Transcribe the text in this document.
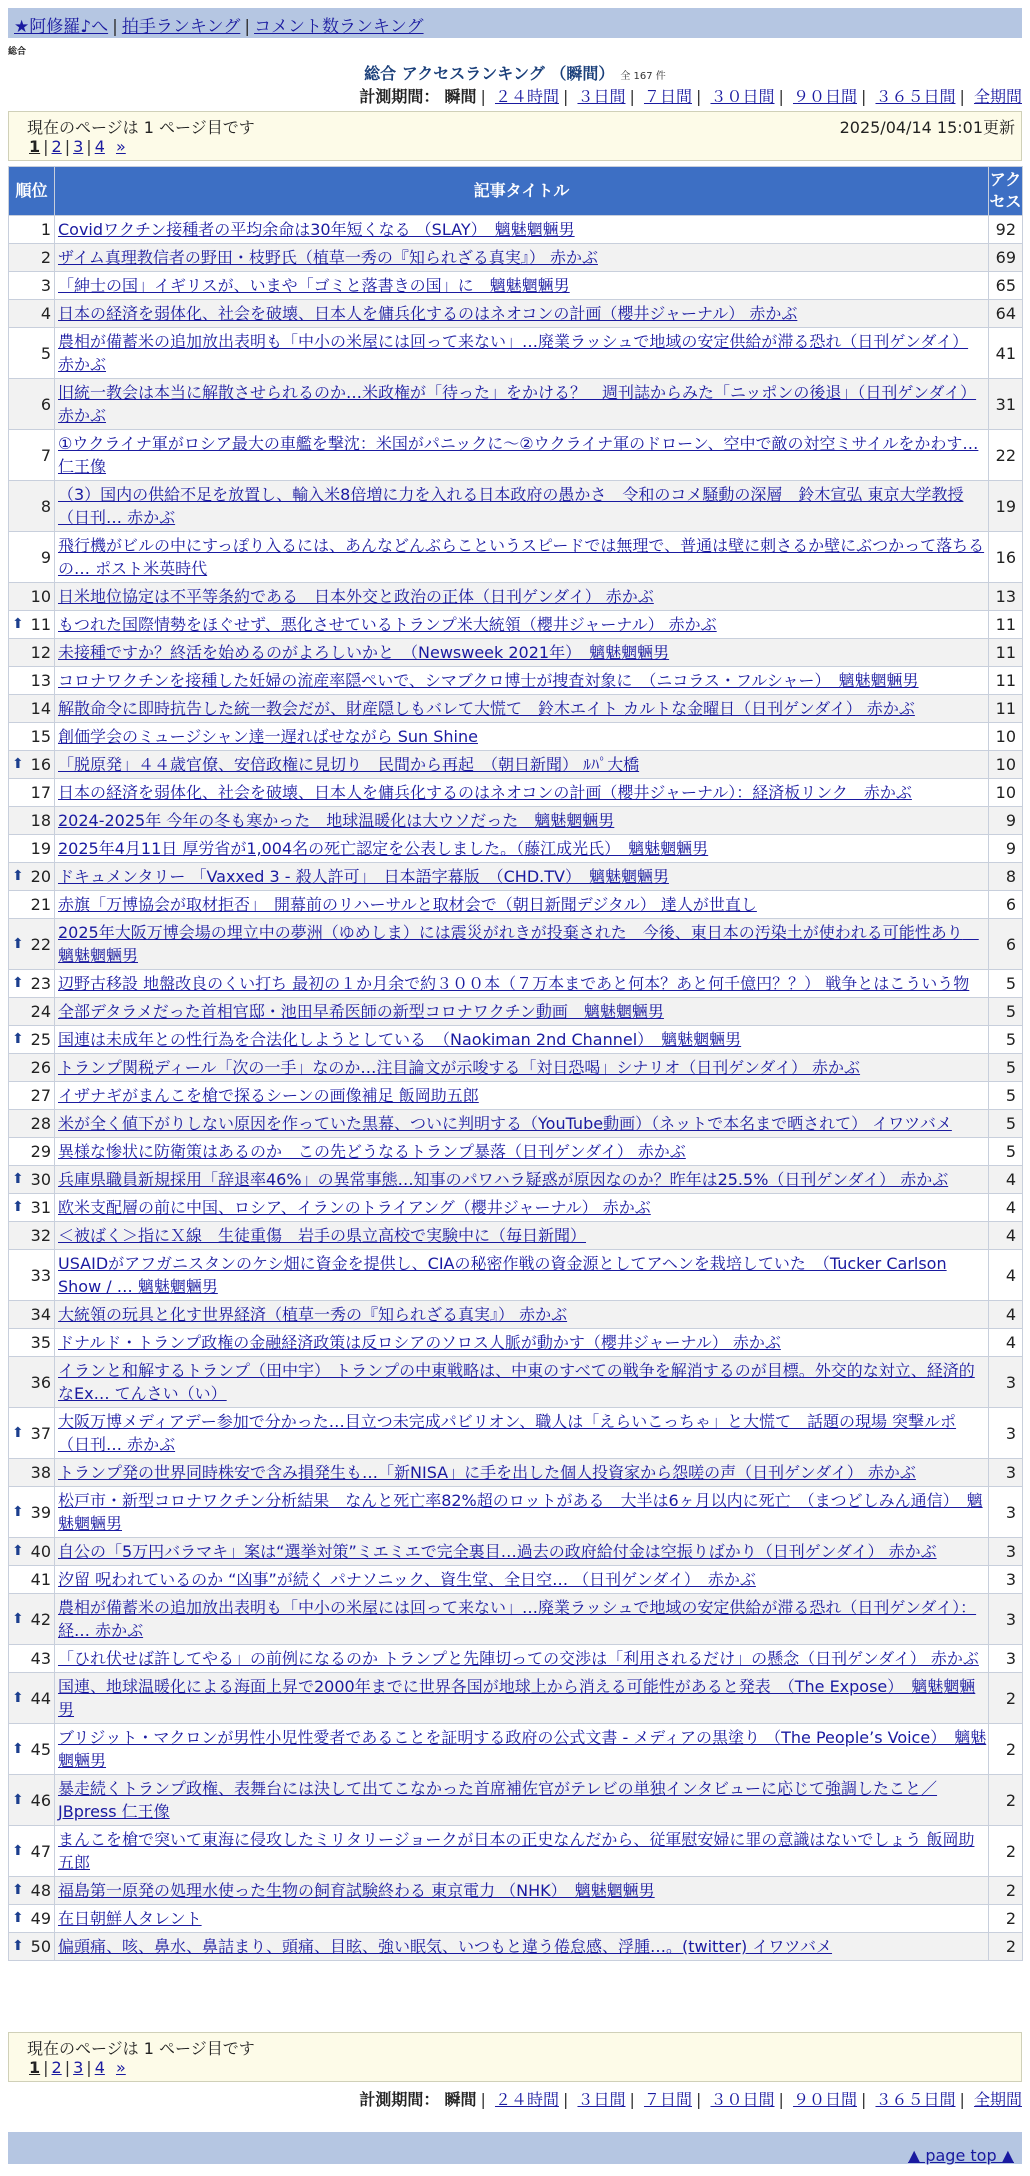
★阿修羅♪へ | 拍手ランキング | コメント数ランキング
総合
総合 アクセスランキング （瞬間） 全 167 件
計測期間： 瞬間 | ２４時間 | ３日間 | ７日間 | ３０日間 | ９０日間 | ３６５日間 | 全期間
現在のページは 1 ページ目です	2025/04/14 15:01更新
1 | 2 | 3 | 4 »
順位	記事タイトル	アクセス
1	Covidワクチン接種者の平均余命は30年短くなる （SLAY）　魑魅魍魎男	92
2	ザイム真理教信者の野田・枝野氏（植草一秀の『知られざる真実』） 赤かぶ	69
3	「紳士の国」イギリスが、いまや「ゴミと落書きの国」に　魑魅魍魎男	65
4	日本の経済を弱体化、社会を破壊、日本人を傭兵化するのはネオコンの計画（櫻井ジャーナル） 赤かぶ	64
5	農相が備蓄米の追加放出表明も「中小の米屋には回って来ない」…廃業ラッシュで地域の安定供給が滞る恐れ（日刊ゲンダイ） 赤かぶ	41
6	旧統一教会は本当に解散させられるのか…米政権が「待った」をかける？　週刊誌からみた「ニッポンの後退」（日刊ゲンダイ） 赤かぶ	31
7	①ウクライナ軍がロシア最大の車艦を撃沈：米国がパニックに～②ウクライナ軍のドローン、空中で敵の対空ミサイルをかわす… 仁王像	22
8	（3）国内の供給不足を放置し、輸入米8倍増に力を入れる日本政府の愚かさ　令和のコメ騒動の深層　鈴木宣弘 東京大学教授（日刊… 赤かぶ	19
9	飛行機がビルの中にすっぽり入るには、あんなどんぶらこというスピードでは無理で、普通は壁に刺さるか壁にぶつかって落ちるの… ポスト米英時代	16
10	日米地位協定は不平等条約である　日本外交と政治の正体（日刊ゲンダイ） 赤かぶ	13

⬆ 11	もつれた国際情勢をほぐせず、悪化させているトランプ米大統領（櫻井ジャーナル） 赤かぶ	11
12	未接種ですか？終活を始めるのがよろしいかと　（Newsweek 2021年）　魑魅魍魎男	11
13	コロナワクチンを接種した妊婦の流産率隠ぺいで、シマブクロ博士が捜査対象に　（ニコラス・フルシャー）　魑魅魍魎男	11
14	解散命令に即時抗告した統一教会だが、財産隠しもバレて大慌て　鈴木エイト カルトな金曜日（日刊ゲンダイ） 赤かぶ	11
15	創価学会のミュージシャン達一遅ればせながら Sun Shine	10

⬆ 16	「脱原発」４４歳官僚、安倍政権に見切り　民間から再起　（朝日新聞） ﾙﾊﾟ大橋	10
17	日本の経済を弱体化、社会を破壊、日本人を傭兵化するのはネオコンの計画（櫻井ジャーナル）：経済板リンク　赤かぶ	10
18	2024-2025年 今年の冬も寒かった　地球温暖化は大ウソだった　魑魅魍魎男	9
19	2025年4月11日 厚労省が1,004名の死亡認定を公表しました。（藤江成光氏）　魑魅魍魎男	9

⬆ 20	ドキュメンタリー 「Vaxxed 3 - 殺人許可」　日本語字幕版　（CHD.TV）　魑魅魍魎男	8
21	赤旗「万博協会が取材拒否」　開幕前のリハーサルと取材会で（朝日新聞デジタル） 達人が世直し	6

⬆ 22	2025年大阪万博会場の埋立中の夢洲（ゆめしま）には震災がれきが投棄された　今後、東日本の汚染土が使われる可能性あり　魑魅魍魎男	6

⬆ 23	辺野古移設 地盤改良のくい打ち 最初の１か月余で約３００本（７万本まであと何本？あと何千億円？？） 戦争とはこういう物	5
24	全部デタラメだった首相官邸・池田早希医師の新型コロナワクチン動画　魑魅魍魎男	5

⬆ 25	国連は未成年との性行為を合法化しようとしている　（Naokiman 2nd Channel）　魑魅魍魎男	5
26	トランプ関税ディール「次の一手」なのか…注目論文が示唆する「対日恐喝」シナリオ（日刊ゲンダイ） 赤かぶ	5
27	イザナギがまんこを槍で探るシーンの画像補足 飯岡助五郎	5
28	米が全く値下がりしない原因を作っていた黒幕、ついに判明する（YouTube動画）（ネットで本名まで晒されて） イワツバメ	5
29	異様な惨状に防衛策はあるのか　この先どうなるトランプ暴落（日刊ゲンダイ） 赤かぶ	5

⬆ 30	兵庫県職員新規採用「辞退率46%」の異常事態…知事のパワハラ疑惑が原因なのか？昨年は25.5%（日刊ゲンダイ） 赤かぶ	4

⬆ 31	欧米支配層の前に中国、ロシア、イランのトライアング（櫻井ジャーナル） 赤かぶ	4
32	＜被ばく＞指にＸ線　生徒重傷　岩手の県立高校で実験中に（毎日新聞）	4
33	USAIDがアフガニスタンのケシ畑に資金を提供し、CIAの秘密作戦の資金源としてアヘンを栽培していた　（Tucker Carlson Show / … 魑魅魍魎男	4
34	大統領の玩具と化す世界経済（植草一秀の『知られざる真実』） 赤かぶ	4
35	ドナルド・トランプ政権の金融経済政策は反ロシアのソロス人脈が動かす（櫻井ジャーナル） 赤かぶ	4
36	イランと和解するトランプ（田中宇） トランプの中東戦略は、中東のすべての戦争を解消するのが目標。外交的な対立、経済的なEx… てんさい（い）	3

⬆ 37	大阪万博メディアデー参加で分かった…目立つ未完成パビリオン、職人は「えらいこっちゃ」と大慌て　話題の現場 突撃ルポ（日刊… 赤かぶ	3
38	トランプ発の世界同時株安で含み損発生も…「新NISA」に手を出した個人投資家から怨嗟の声（日刊ゲンダイ） 赤かぶ	3

⬆ 39	松戸市・新型コロナワクチン分析結果　なんと死亡率82%超のロットがある　大半は6ヶ月以内に死亡　（まつどしみん通信）　魑魅魍魎男	3

⬆ 40	自公の「5万円バラマキ」案は“選挙対策”ミエミエで完全裏目…過去の政府給付金は空振りばかり（日刊ゲンダイ） 赤かぶ	3
41	汐留 呪われているのか “凶事”が続く パナソニック、資生堂、全日空… （日刊ゲンダイ）　赤かぶ	3

⬆ 42	農相が備蓄米の追加放出表明も「中小の米屋には回って来ない」…廃業ラッシュで地域の安定供給が滞る恐れ（日刊ゲンダイ）：経… 赤かぶ	3
43	「ひれ伏せば許してやる」の前例になるのか トランプと先陣切っての交渉は「利用されるだけ」の懸念（日刊ゲンダイ） 赤かぶ	3

⬆ 44	国連、地球温暖化による海面上昇で2000年までに世界各国が地球上から消える可能性があると発表　（The Expose）　魑魅魍魎男	2

⬆ 45	ブリジット・マクロンが男性小児性愛者であることを証明する政府の公式文書 - メディアの黒塗り （The People’s Voice）　魑魅魍魎男	2

⬆ 46	暴走続くトランプ政権、表舞台には決して出てこなかった首席補佐官がテレビの単独インタビューに応じて強調したこと／JBpress 仁王像	2

⬆ 47	まんこを槍で突いて東海に侵攻したミリタリージョークが日本の正史なんだから、従軍慰安婦に罪の意識はないでしょう 飯岡助五郎	2

⬆ 48	福島第一原発の処理水使った生物の飼育試験終わる 東京電力 （NHK）　魑魅魍魎男	2

⬆ 49	在日朝鮮人タレント	2

⬆ 50	偏頭痛、咳、鼻水、鼻詰まり、頭痛、目眩、強い眠気、いつもと違う倦怠感、浮腫…。(twitter) イワツバメ	2
現在のページは 1 ページ目です
1 | 2 | 3 | 4 »
計測期間： 瞬間 | ２４時間 | ３日間 | ７日間 | ３０日間 | ９０日間 | ３６５日間 | 全期間
▲ page top ▲
